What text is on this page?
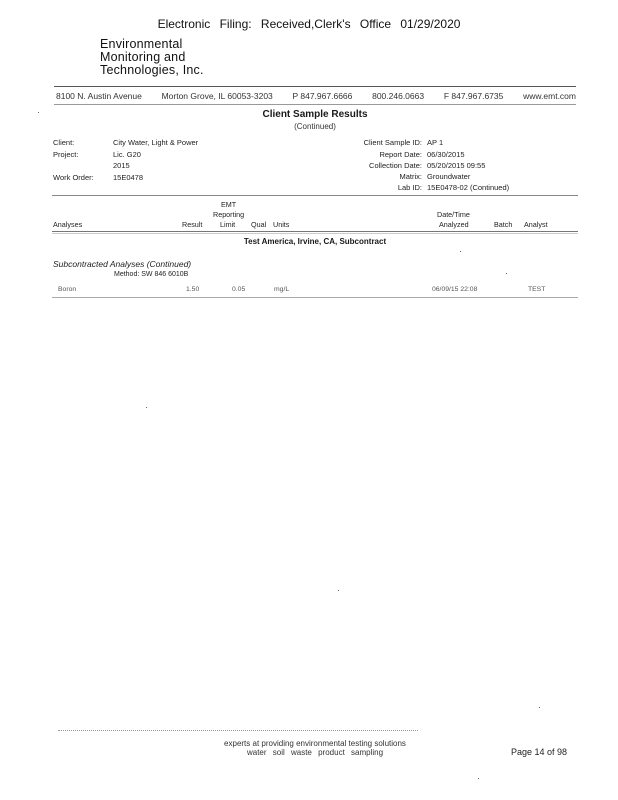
Electronic Filing: Received,Clerk's Office 01/29/2020
Environmental
Monitoring and
Technologies, Inc.
8100 N. Austin Avenue Morton Grove, IL 60053-3203 P 847.967.6666 800.246.0663 F 847.967.6735 www.emt.com
Client Sample Results
(Continued)
Client:	City Water, Light & Power
Project:	Lic. G20
2015
Work Order:	15E0478
Client Sample ID: AP 1
Report Date: 06/30/2015
Collection Date: 05/20/2015 09:55
Matrix: Groundwater
Lab ID: 15E0478-02 (Continued)
EMT
Reporting	Date/Time
Analyses	Result Limit Qual Units	Analyzed	Batch Analyst
Test America, Irvine, CA, Subcontract
Subcontracted Analyses (Continued)
Method: SW 846 6010B
Boron	1.50	0.05	mg/L	06/09/15 22:08	TEST
experts at providing environmental testing solutions
water soil waste product sampling	Page 14 of 98
